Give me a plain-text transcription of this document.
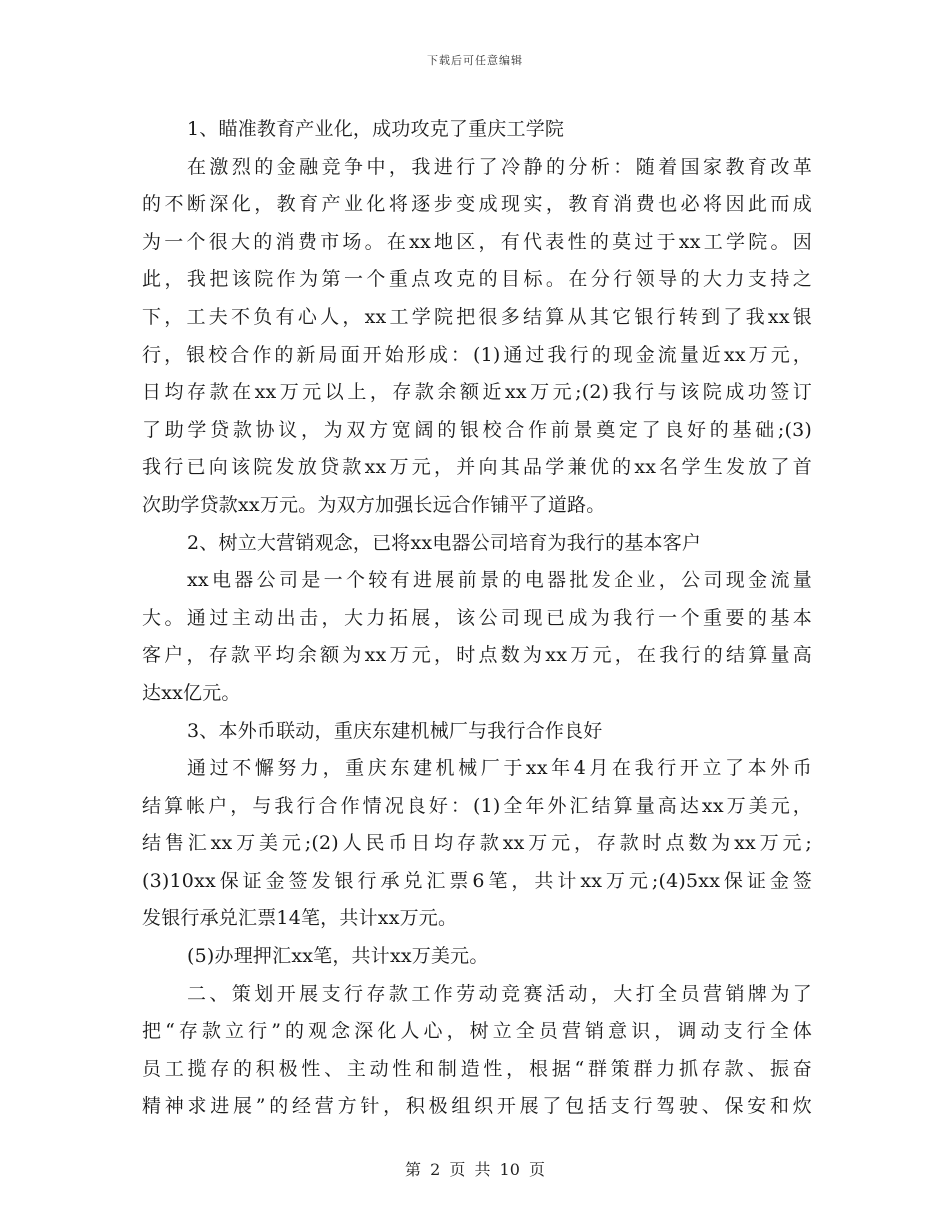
下载后可任意编辑
1、瞄准教育产业化，成功攻克了重庆工学院
在激烈的金融竞争中，我进行了冷静的分析：随着国家教育改革
的不断深化，教育产业化将逐步变成现实，教育消费也必将因此而成
为一个很大的消费市场。在xx地区，有代表性的莫过于xx工学院。因
此，我把该院作为第一个重点攻克的目标。在分行领导的大力支持之
下，工夫不负有心人，xx工学院把很多结算从其它银行转到了我xx银
行，银校合作的新局面开始形成：(1)通过我行的现金流量近xx万元，
日均存款在xx万元以上，存款余额近xx万元;(2)我行与该院成功签订
了助学贷款协议，为双方宽阔的银校合作前景奠定了良好的基础;(3)
我行已向该院发放贷款xx万元，并向其品学兼优的xx名学生发放了首
次助学贷款xx万元。为双方加强长远合作铺平了道路。
2、树立大营销观念，已将xx电器公司培育为我行的基本客户
xx电器公司是一个较有进展前景的电器批发企业，公司现金流量
大。通过主动出击，大力拓展，该公司现已成为我行一个重要的基本
客户，存款平均余额为xx万元，时点数为xx万元，在我行的结算量高
达xx亿元。
3、本外币联动，重庆东建机械厂与我行合作良好
通过不懈努力，重庆东建机械厂于xx年4月在我行开立了本外币
结算帐户，与我行合作情况良好：(1)全年外汇结算量高达xx万美元，
结售汇xx万美元;(2)人民币日均存款xx万元，存款时点数为xx万元;
(3)10xx保证金签发银行承兑汇票6笔，共计xx万元;(4)5xx保证金签
发银行承兑汇票14笔，共计xx万元。
(5)办理押汇xx笔，共计xx万美元。
二、策划开展支行存款工作劳动竞赛活动，大打全员营销牌为了
把“存款立行”的观念深化人心，树立全员营销意识，调动支行全体
员工揽存的积极性、主动性和制造性，根据“群策群力抓存款、振奋
精神求进展”的经营方针，积极组织开展了包括支行驾驶、保安和炊
第 2 页 共 10 页
